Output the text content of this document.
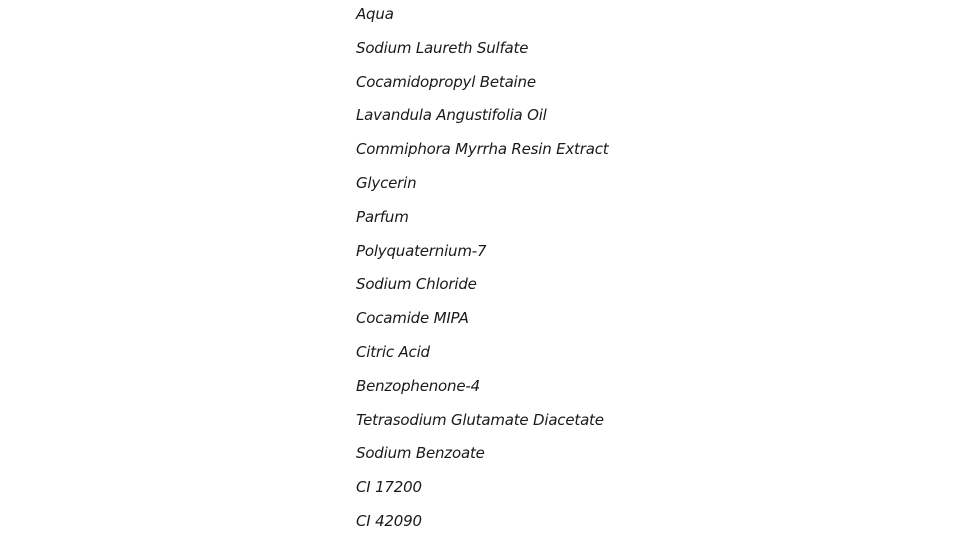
Aqua
Sodium Laureth Sulfate
Cocamidopropyl Betaine
Lavandula Angustifolia Oil
Commiphora Myrrha Resin Extract
Glycerin
Parfum
Polyquaternium-7
Sodium Chloride
Cocamide MIPA
Citric Acid
Benzophenone-4
Tetrasodium Glutamate Diacetate
Sodium Benzoate
CI 17200
CI 42090
